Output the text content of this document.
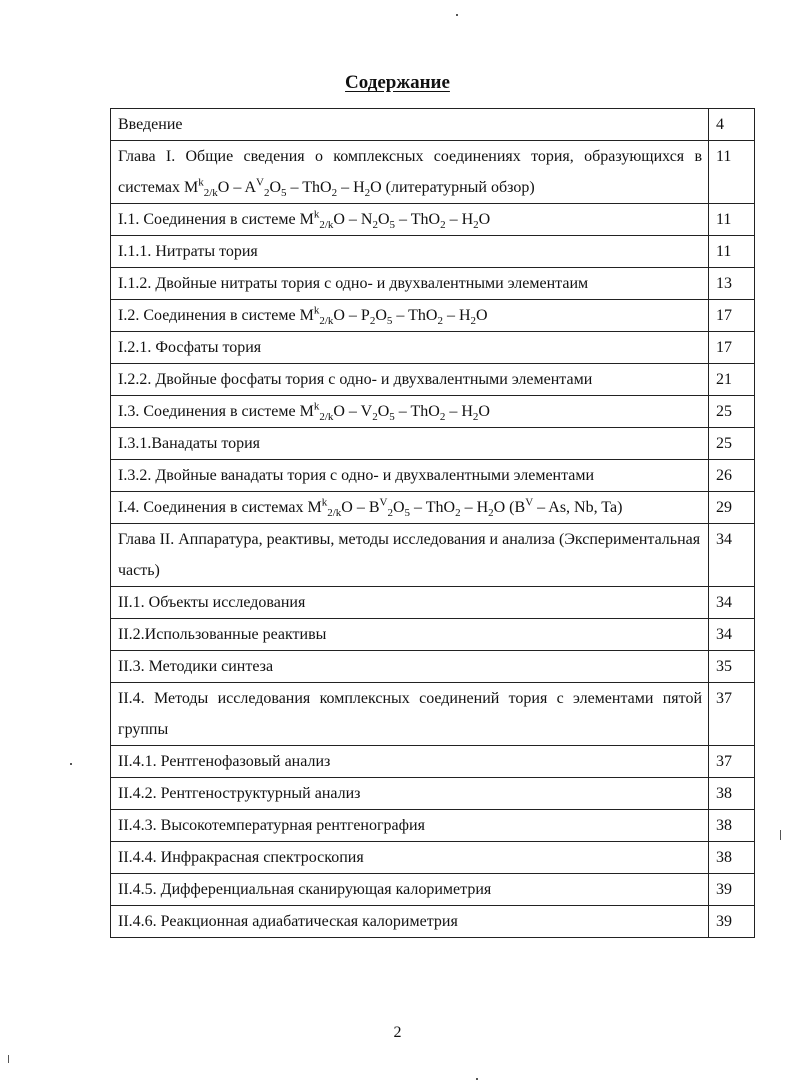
Содержание
Введение	4
Глава I. Общие сведения о комплексных соединениях тория, образующихся в системах $M^k_{2/k}O - A^V_2O_5 - ThO_2 - H_2O$ (литературный обзор)	11
I.1. Соединения в системе $M^k_{2/k}O - N_2O_5 - ThO_2 - H_2O$	11
I.1.1. Нитраты тория	11
I.1.2. Двойные нитраты тория с одно- и двухвалентными элементаим	13
I.2. Соединения в системе $M^k_{2/k}O - P_2O_5 - ThO_2 - H_2O$	17
I.2.1. Фосфаты тория	17
I.2.2. Двойные фосфаты тория с одно- и двухвалентными элементами	21
I.3. Соединения в системе $M^k_{2/k}O - V_2O_5 - ThO_2 - H_2O$	25
I.3.1.Ванадаты тория	25
I.3.2. Двойные ванадаты тория с одно- и двухвалентными элементами	26
I.4. Соединения в системах $M^k_{2/k}O - B^V_2O_5 - ThO_2 - H_2O$ ($B^V$ – As, Nb, Ta)	29
Глава II. Аппаратура, реактивы, методы исследования и анализа (Экспериментальная часть)	34
II.1. Объекты исследования	34
II.2.Использованные реактивы	34
II.3. Методики синтеза	35
II.4. Методы исследования комплексных соединений тория с элементами пятой группы	37
II.4.1. Рентгенофазовый анализ	37
II.4.2. Рентгеноструктурный анализ	38
II.4.3. Высокотемпературная рентгенография	38
II.4.4. Инфракрасная спектроскопия	38
II.4.5. Дифференциальная сканирующая калориметрия	39
II.4.6. Реакционная адиабатическая калориметрия	39
2
